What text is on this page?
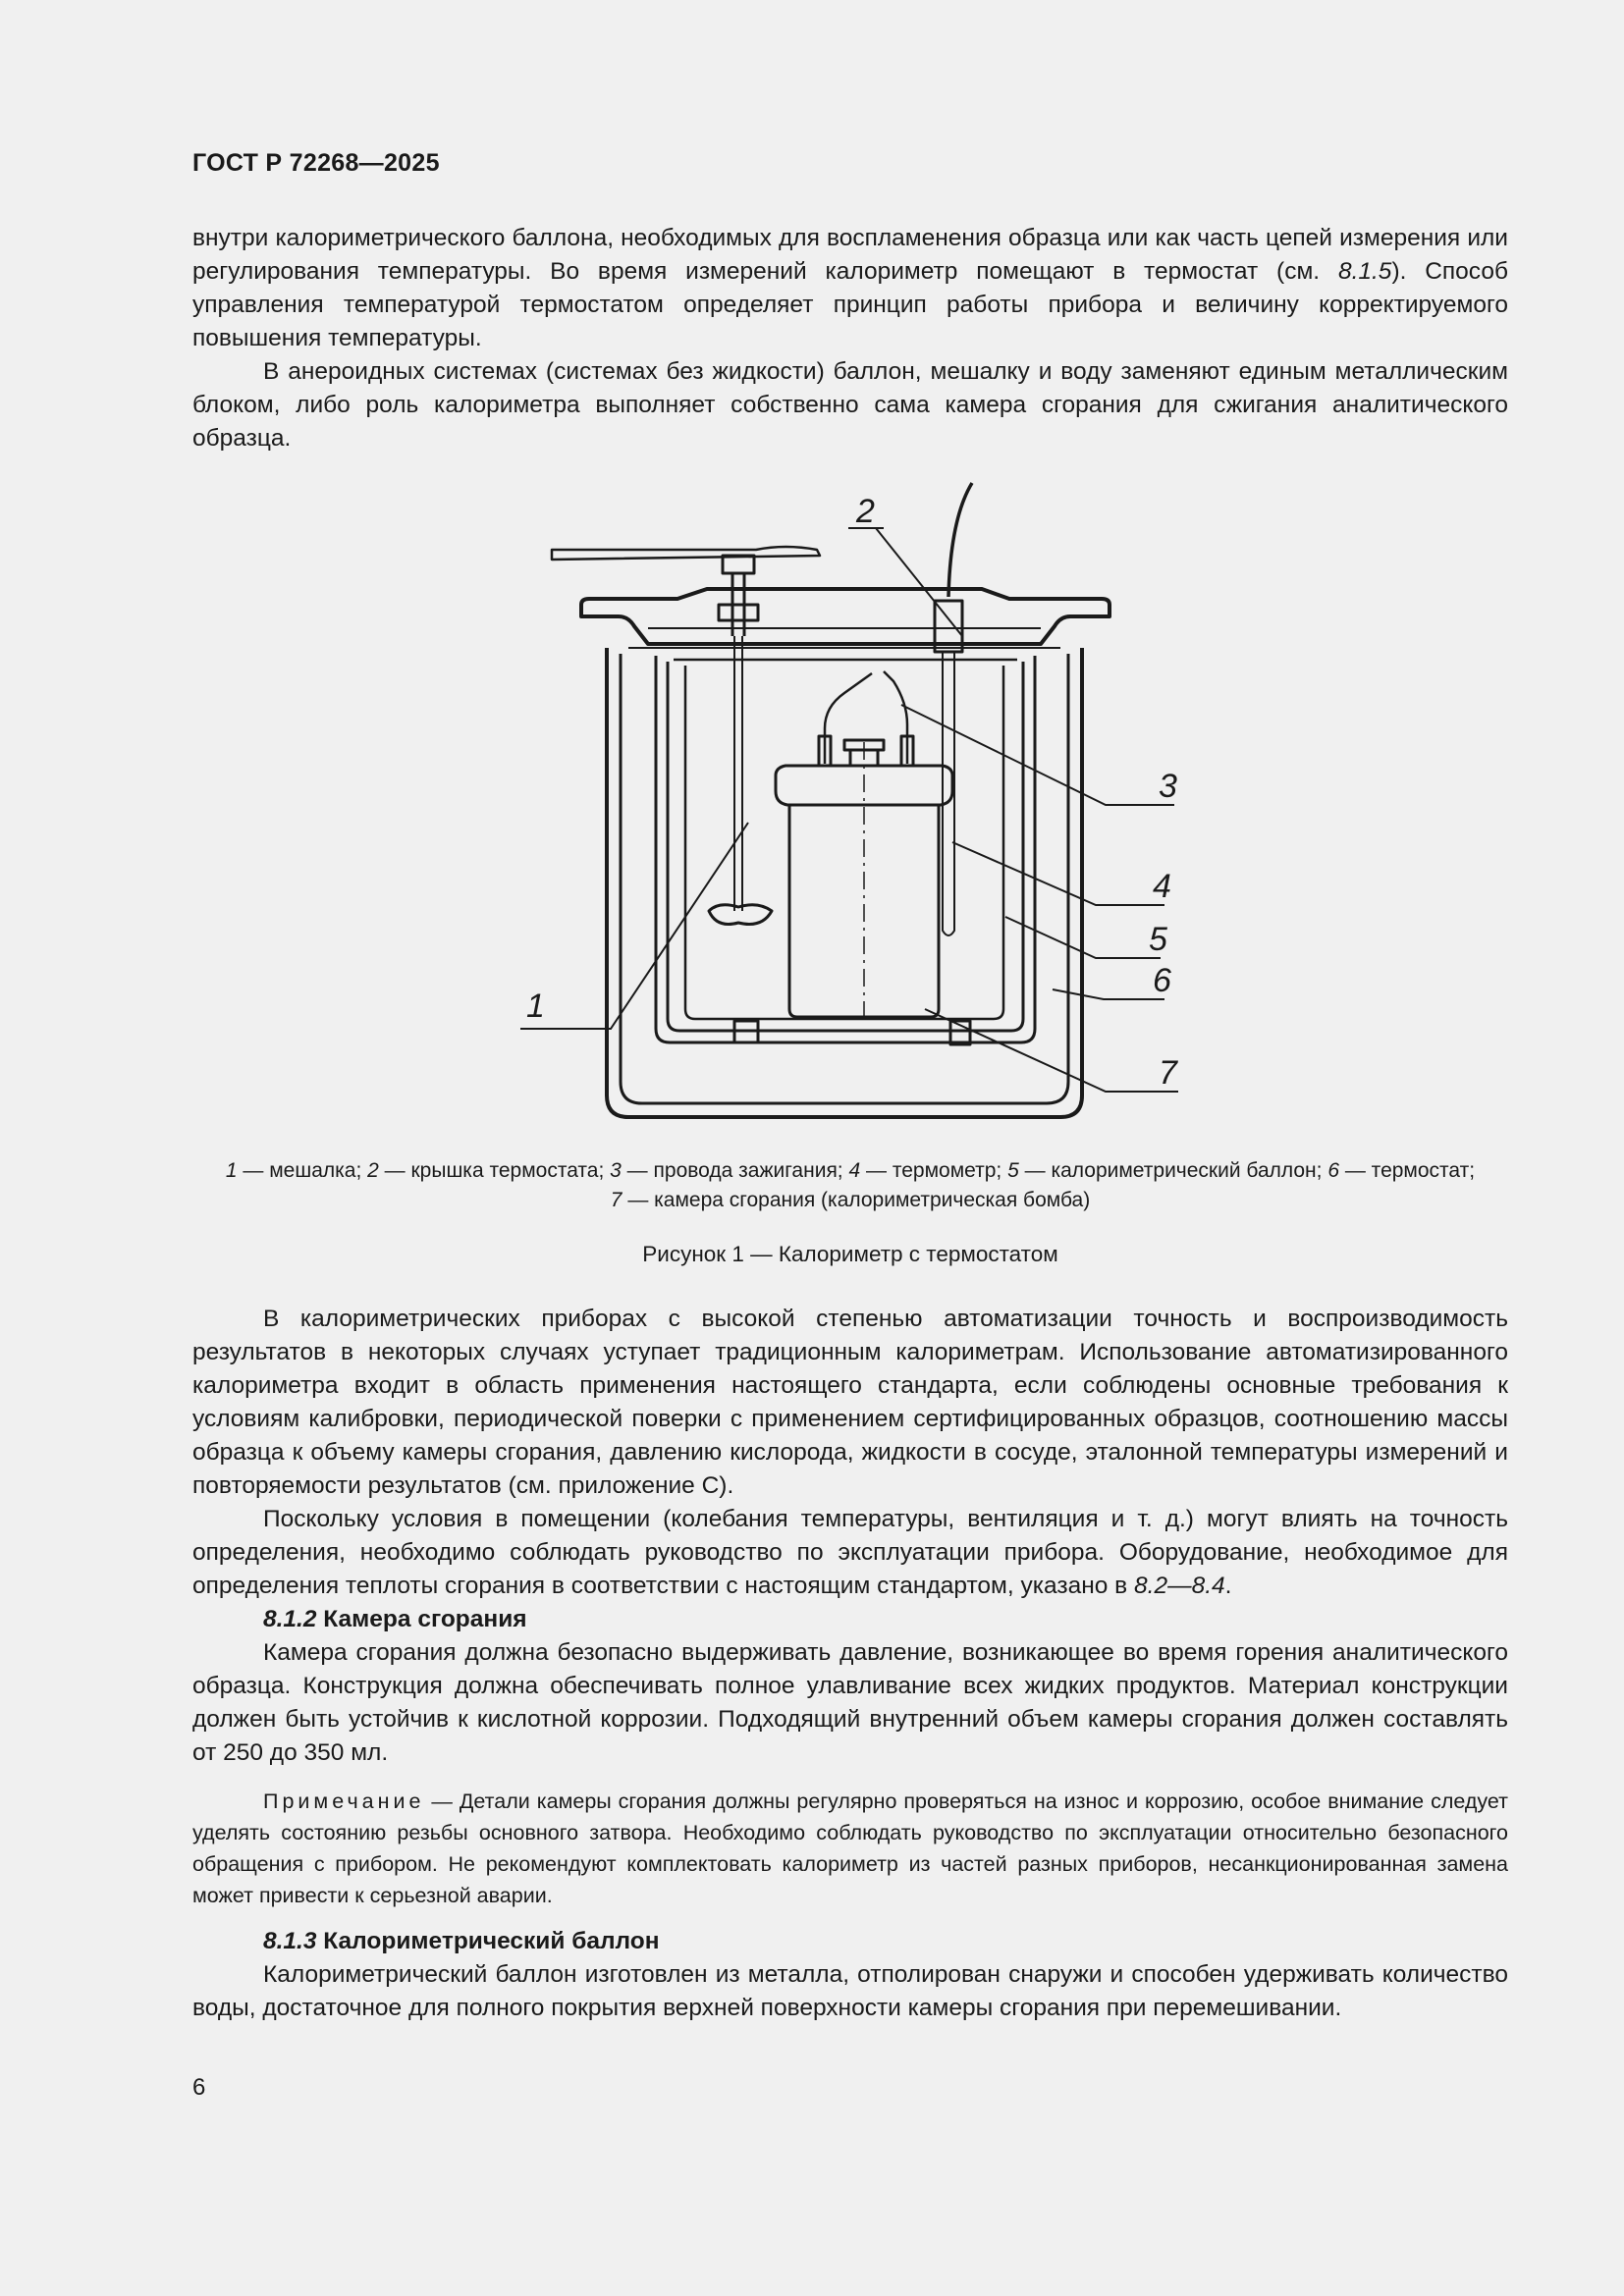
ГОСТ Р 72268—2025

внутри калориметрического баллона, необходимых для воспламенения образца или как часть цепей измерения или регулирования температуры. Во время измерений калориметр помещают в термостат (см. 8.1.5). Способ управления температурой термостатом определяет принцип работы прибора и величину корректируемого повышения температуры.

В анероидных системах (системах без жидкости) баллон, мешалку и воду заменяют единым металлическим блоком, либо роль калориметра выполняет собственно сама камера сгорания для сжигания аналитического образца.

1
2
3
4
5
6
7
1 — мешалка; 2 — крышка термостата; 3 — провода зажигания; 4 — термометр; 5 — калориметрический баллон; 6 — термостат;
7 — камера сгорания (калориметрическая бомба)
Рисунок 1 — Калориметр с термостатом

В калориметрических приборах с высокой степенью автоматизации точность и воспроизводимость результатов в некоторых случаях уступает традиционным калориметрам. Использование автоматизированного калориметра входит в область применения настоящего стандарта, если соблюдены основные требования к условиям калибровки, периодической поверки с применением сертифицированных образцов, соотношению массы образца к объему камеры сгорания, давлению кислорода, жидкости в сосуде, эталонной температуры измерений и повторяемости результатов (см. приложение С).

Поскольку условия в помещении (колебания температуры, вентиляция и т. д.) могут влиять на точность определения, необходимо соблюдать руководство по эксплуатации прибора. Оборудование, необходимое для определения теплоты сгорания в соответствии с настоящим стандартом, указано в 8.2—8.4.

8.1.2 Камера сгорания

Камера сгорания должна безопасно выдерживать давление, возникающее во время горения аналитического образца. Конструкция должна обеспечивать полное улавливание всех жидких продуктов. Материал конструкции должен быть устойчив к кислотной коррозии. Подходящий внутренний объем камеры сгорания должен составлять от 250 до 350 мл.

Примечание — Детали камеры сгорания должны регулярно проверяться на износ и коррозию, особое внимание следует уделять состоянию резьбы основного затвора. Необходимо соблюдать руководство по эксплуатации относительно безопасного обращения с прибором. Не рекомендуют комплектовать калориметр из частей разных приборов, несанкционированная замена может привести к серьезной аварии.

8.1.3 Калориметрический баллон

Калориметрический баллон изготовлен из металла, отполирован снаружи и способен удерживать количество воды, достаточное для полного покрытия верхней поверхности камеры сгорания при перемешивании.

6
